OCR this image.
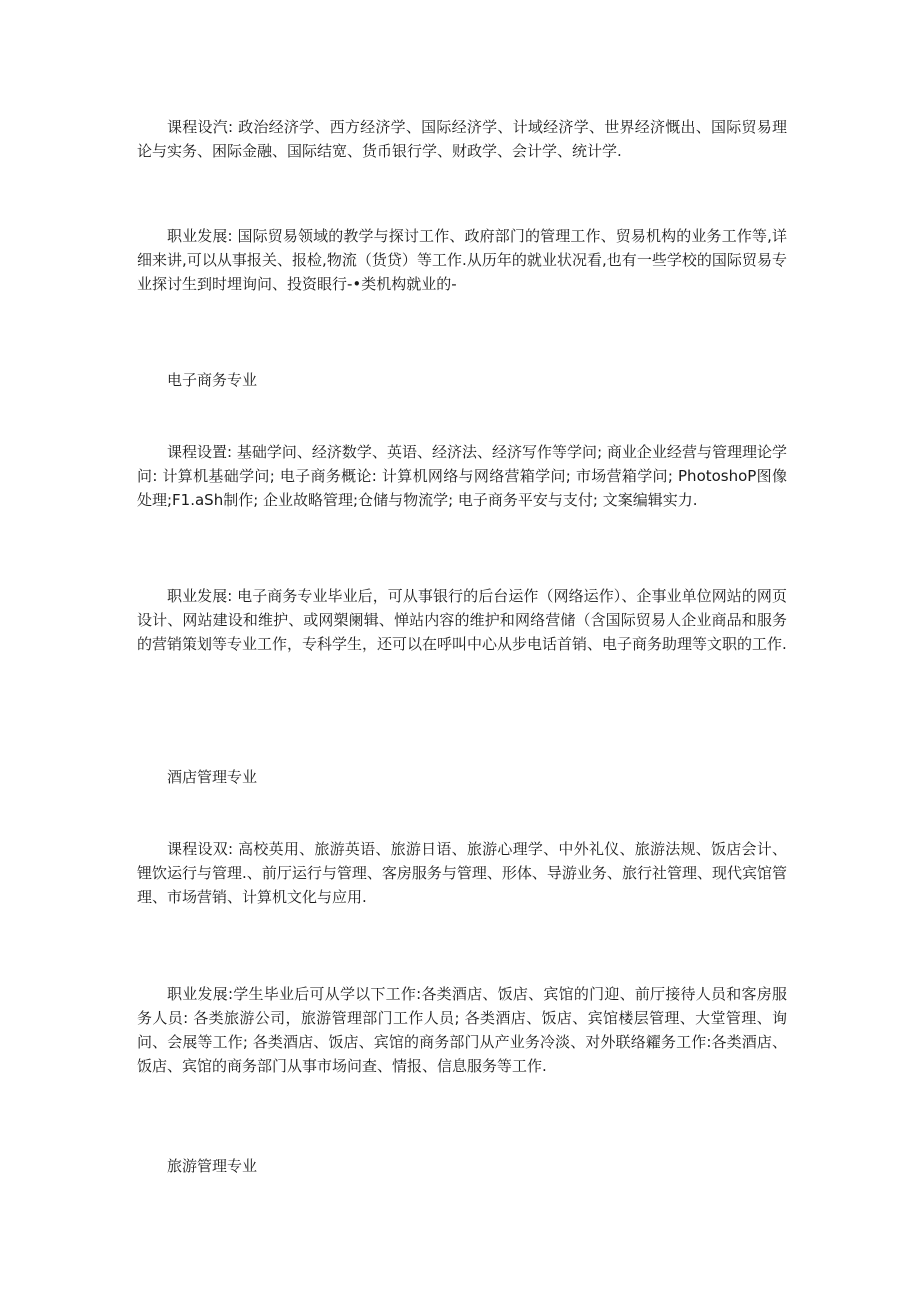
课程设汽: 政治经济学、西方经济学、国际经济学、计域经济学、世界经济慨出、国际贸易理论与实务、困际金融、国际结宽、货币银行学、财政学、会计学、统计学.

职业发展: 国际贸易领域的教学与探讨工作、政府部门的管理工作、贸易机构的业务工作等,详细来讲,可以从事报关、报检,物流（货贷）等工作.从历年的就业状况看,也有一些学校的国际贸易专业探讨生到时埋询问、投资眼行-•类机构就业的-

电子商务专业

课程设置: 基础学问、经济数学、英语、经济法、经济写作等学问; 商业企业经营与管理理论学问: 计算机基础学问; 电子商务概论: 计算机网络与网络营箱学问; 市场营箱学问; PhotoshoP图像处理;F1.aSh制作; 企业故略管理;仓储与物流学; 电子商务平安与支付; 文案编辑实力.

职业发展: 电子商务专业毕业后，可从事银行的后台运作（网络运作）、企事业单位网站的网页设计、网站建设和维护、或网槊阑辑、惮站内容的维护和网络营储（含国际贸易人企业商品和服务的营销策划等专业工作，专科学生，还可以在呼叫中心从步电话首销、电子商务助理等文职的工作.

酒店管理专业

课程设双: 高校英用、旅游英语、旅游日语、旅游心理学、中外礼仪、旅游法规、饭店会计、锂饮运行与管理.、前厅运行与管理、客房服务与管理、形体、导游业务、旅行社管理、现代宾馆管理、市场营销、计算机文化与应用.

职业发展:学生毕业后可从学以下工作:各类酒店、饭店、宾馆的门迎、前厅接待人员和客房服务人员: 各类旅游公司，旅游管理部门工作人员; 各类酒店、饭店、宾馆楼层管理、大堂管理、询问、会展等工作; 各类酒店、饭店、宾馆的商务部门从产业务冷淡、对外联络糴务工作:各类酒店、饭店、宾馆的商务部门从事市场问查、情报、信息服务等工作.

旅游管理专业
